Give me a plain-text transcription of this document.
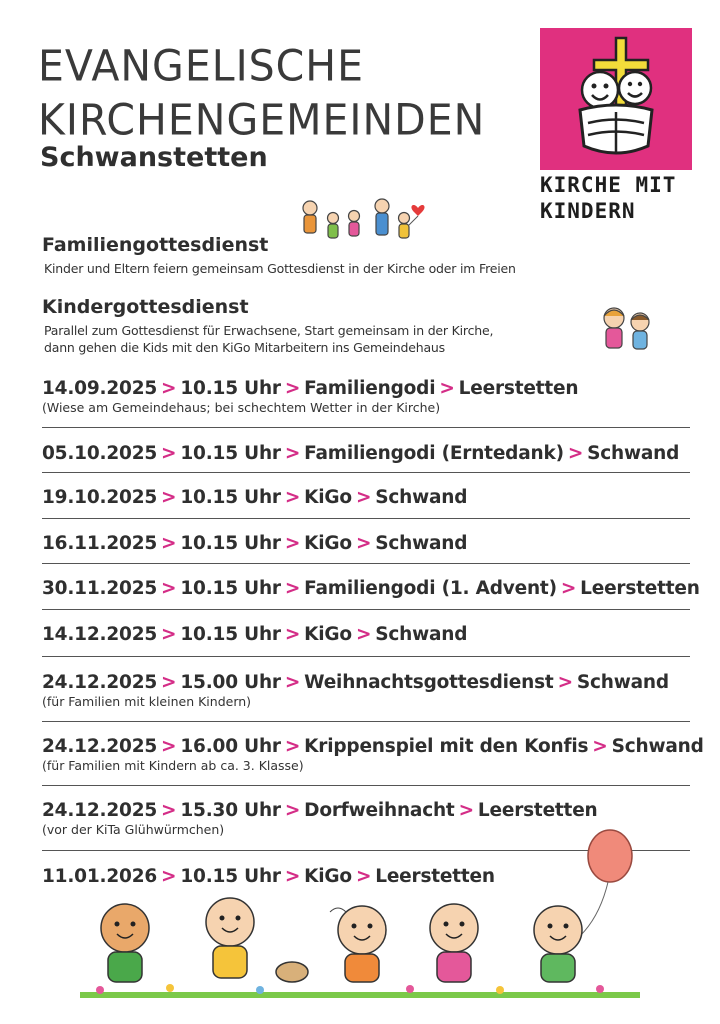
EVANGELISCHE
KIRCHENGEMEINDEN
Schwanstetten
KIRCHE MIT
KINDERN
Familiengottesdienst
Kinder und Eltern feiern gemeinsam Gottesdienst in der Kirche oder im Freien
Kindergottesdienst
Parallel zum Gottesdienst für Erwachsene, Start gemeinsam in der Kirche,
dann gehen die Kids mit den KiGo Mitarbeitern ins Gemeindehaus
14.09.2025 > 10.15 Uhr > Familiengodi > Leerstetten
(Wiese am Gemeindehaus; bei schechtem Wetter in der Kirche)
05.10.2025 > 10.15 Uhr > Familiengodi (Erntedank) > Schwand
19.10.2025 > 10.15 Uhr > KiGo > Schwand
16.11.2025 > 10.15 Uhr > KiGo > Schwand
30.11.2025 > 10.15 Uhr > Familiengodi (1. Advent) > Leerstetten
14.12.2025 > 10.15 Uhr > KiGo > Schwand
24.12.2025 > 15.00 Uhr > Weihnachtsgottesdienst > Schwand
(für Familien mit kleinen Kindern)
24.12.2025 > 16.00 Uhr > Krippenspiel mit den Konfis > Schwand
(für Familien mit Kindern ab ca. 3. Klasse)
24.12.2025 > 15.30 Uhr > Dorfweihnacht > Leerstetten
(vor der KiTa Glühwürmchen)
11.01.2026 > 10.15 Uhr > KiGo > Leerstetten
